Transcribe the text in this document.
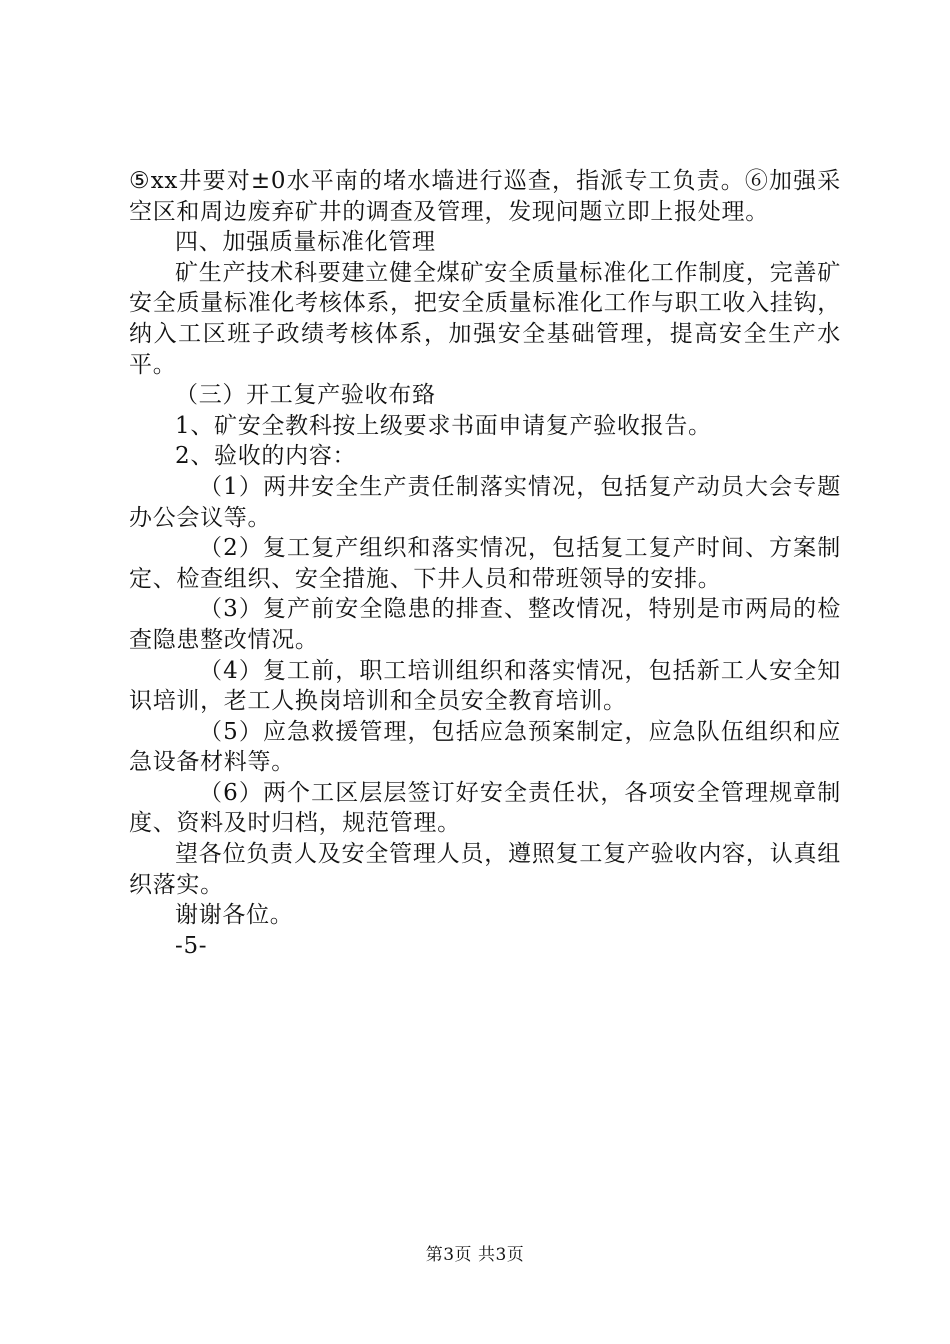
⑤xx井要对±0水平南的堵水墙进行巡查，指派专工负责。⑥加强采空区和周边废弃矿井的调查及管理，发现问题立即上报处理。

四、加强质量标准化管理

矿生产技术科要建立健全煤矿安全质量标准化工作制度，完善矿安全质量标准化考核体系，把安全质量标准化工作与职工收入挂钩，纳入工区班子政绩考核体系，加强安全基础管理，提高安全生产水平。

（三）开工复产验收布臵

1、矿安全教科按上级要求书面申请复产验收报告。

2、验收的内容：

（1）两井安全生产责任制落实情况，包括复产动员大会专题办公会议等。

（2）复工复产组织和落实情况，包括复工复产时间、方案制定、检查组织、安全措施、下井人员和带班领导的安排。

（3）复产前安全隐患的排查、整改情况，特别是市两局的检查隐患整改情况。

（4）复工前，职工培训组织和落实情况，包括新工人安全知识培训，老工人换岗培训和全员安全教育培训。

（5）应急救援管理，包括应急预案制定，应急队伍组织和应急设备材料等。

（6）两个工区层层签订好安全责任状，各项安全管理规章制度、资料及时归档，规范管理。

望各位负责人及安全管理人员，遵照复工复产验收内容，认真组织落实。

谢谢各位。

-5-

第3页 共3页
